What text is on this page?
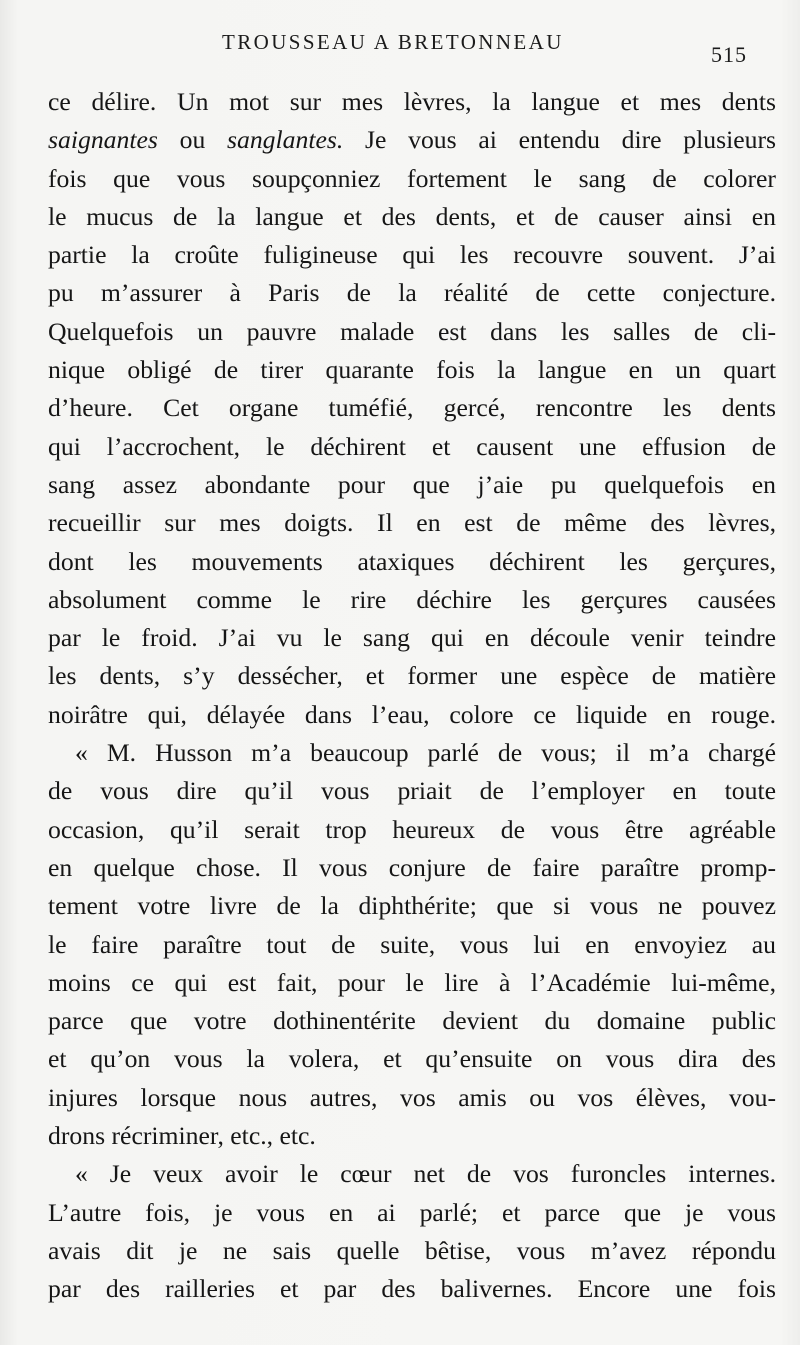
TROUSSEAU A BRETONNEAU	515
ce délire. Un mot sur mes lèvres, la langue et mes dents
saignantes ou sanglantes. Je vous ai entendu dire plusieurs
fois que vous soupçonniez fortement le sang de colorer
le mucus de la langue et des dents, et de causer ainsi en
partie la croûte fuligineuse qui les recouvre souvent. J’ai
pu m’assurer à Paris de la réalité de cette conjecture.
Quelquefois un pauvre malade est dans les salles de cli-
nique obligé de tirer quarante fois la langue en un quart
d’heure. Cet organe tuméfié, gercé, rencontre les dents
qui l’accrochent, le déchirent et causent une effusion de
sang assez abondante pour que j’aie pu quelquefois en
recueillir sur mes doigts. Il en est de même des lèvres,
dont les mouvements ataxiques déchirent les gerçures,
absolument comme le rire déchire les gerçures causées
par le froid. J’ai vu le sang qui en découle venir teindre
les dents, s’y dessécher, et former une espèce de matière
noirâtre qui, délayée dans l’eau, colore ce liquide en rouge.
« M. Husson m’a beaucoup parlé de vous; il m’a chargé
de vous dire qu’il vous priait de l’employer en toute
occasion, qu’il serait trop heureux de vous être agréable
en quelque chose. Il vous conjure de faire paraître promp-
tement votre livre de la diphthérite; que si vous ne pouvez
le faire paraître tout de suite, vous lui en envoyiez au
moins ce qui est fait, pour le lire à l’Académie lui-même,
parce que votre dothinentérite devient du domaine public
et qu’on vous la volera, et qu’ensuite on vous dira des
injures lorsque nous autres, vos amis ou vos élèves, vou-
drons récriminer, etc., etc.
« Je veux avoir le cœur net de vos furoncles internes.
L’autre fois, je vous en ai parlé; et parce que je vous
avais dit je ne sais quelle bêtise, vous m’avez répondu
par des railleries et par des balivernes. Encore une fois
